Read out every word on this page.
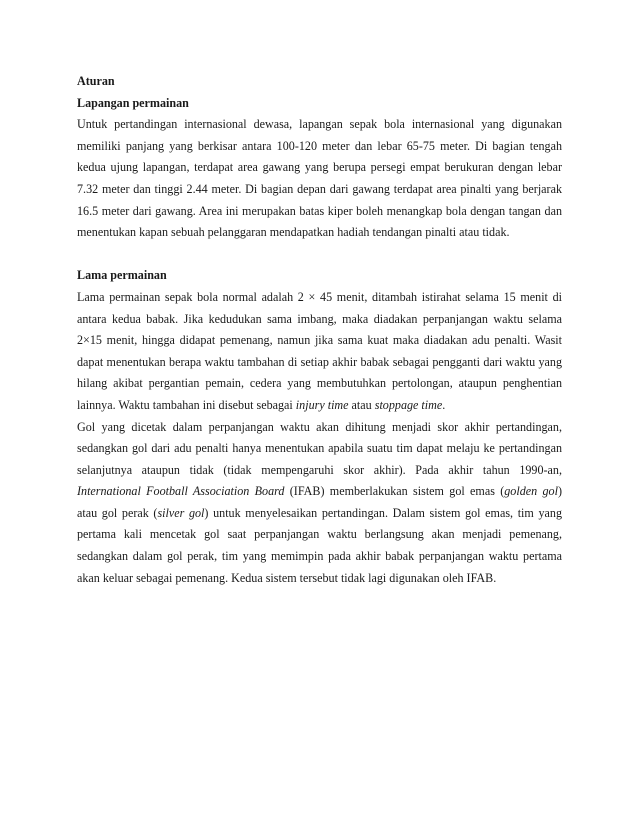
Aturan

Lapangan permainan

Untuk pertandingan internasional dewasa, lapangan sepak bola internasional yang digunakan memiliki panjang yang berkisar antara 100-120 meter dan lebar 65-75 meter. Di bagian tengah kedua ujung lapangan, terdapat area gawang yang berupa persegi empat berukuran dengan lebar 7.32 meter dan tinggi 2.44 meter. Di bagian depan dari gawang terdapat area pinalti yang berjarak 16.5 meter dari gawang. Area ini merupakan batas kiper boleh menangkap bola dengan tangan dan menentukan kapan sebuah pelanggaran mendapatkan hadiah tendangan pinalti atau tidak.

Lama permainan

Lama permainan sepak bola normal adalah 2 × 45 menit, ditambah istirahat selama 15 menit di antara kedua babak. Jika kedudukan sama imbang, maka diadakan perpanjangan waktu selama 2×15 menit, hingga didapat pemenang, namun jika sama kuat maka diadakan adu penalti. Wasit dapat menentukan berapa waktu tambahan di setiap akhir babak sebagai pengganti dari waktu yang hilang akibat pergantian pemain, cedera yang membutuhkan pertolongan, ataupun penghentian lainnya. Waktu tambahan ini disebut sebagai injury time atau stoppage time.

Gol yang dicetak dalam perpanjangan waktu akan dihitung menjadi skor akhir pertandingan, sedangkan gol dari adu penalti hanya menentukan apabila suatu tim dapat melaju ke pertandingan selanjutnya ataupun tidak (tidak mempengaruhi skor akhir). Pada akhir tahun 1990-an, International Football Association Board (IFAB) memberlakukan sistem gol emas (golden gol) atau gol perak (silver gol) untuk menyelesaikan pertandingan. Dalam sistem gol emas, tim yang pertama kali mencetak gol saat perpanjangan waktu berlangsung akan menjadi pemenang, sedangkan dalam gol perak, tim yang memimpin pada akhir babak perpanjangan waktu pertama akan keluar sebagai pemenang. Kedua sistem tersebut tidak lagi digunakan oleh IFAB.
